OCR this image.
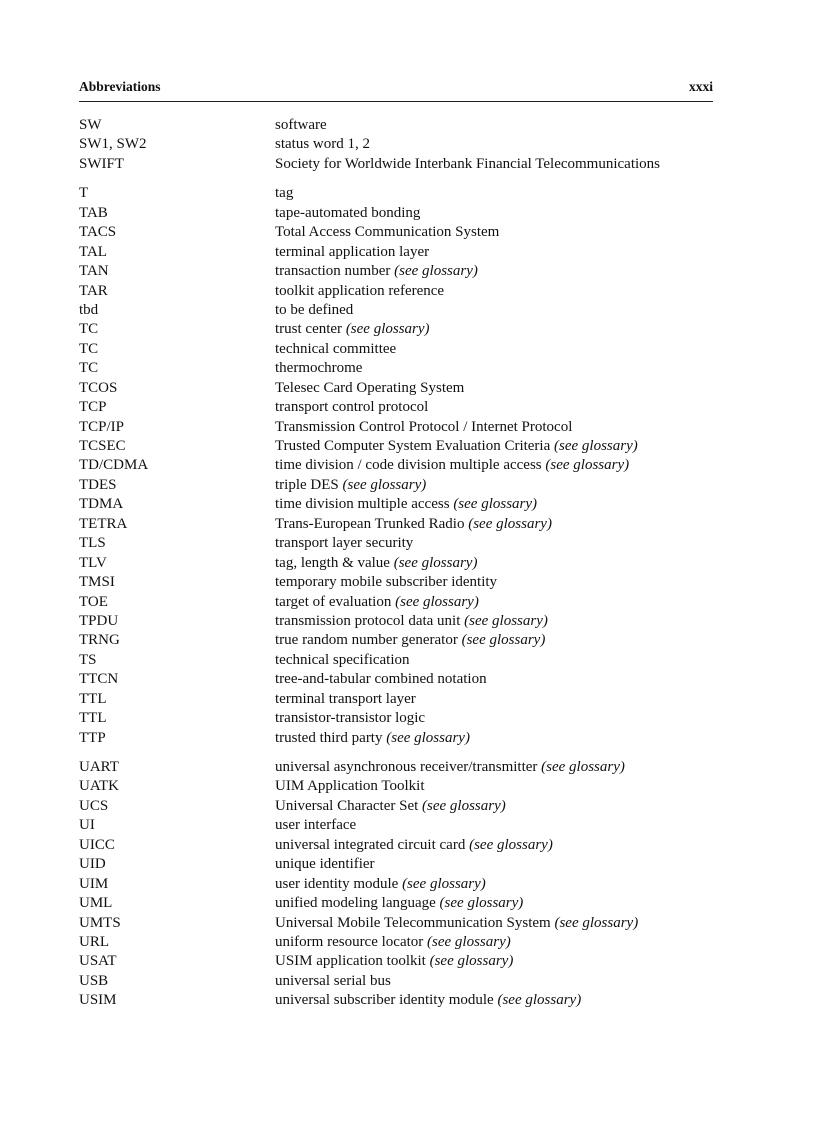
Abbreviations	xxxi
SW	software
SW1, SW2	status word 1, 2
SWIFT	Society for Worldwide Interbank Financial Telecommunications
T	tag
TAB	tape-automated bonding
TACS	Total Access Communication System
TAL	terminal application layer
TAN	transaction number (see glossary)
TAR	toolkit application reference
tbd	to be defined
TC	trust center (see glossary)
TC	technical committee
TC	thermochrome
TCOS	Telesec Card Operating System
TCP	transport control protocol
TCP/IP	Transmission Control Protocol / Internet Protocol
TCSEC	Trusted Computer System Evaluation Criteria (see glossary)
TD/CDMA	time division / code division multiple access (see glossary)
TDES	triple DES (see glossary)
TDMA	time division multiple access (see glossary)
TETRA	Trans-European Trunked Radio (see glossary)
TLS	transport layer security
TLV	tag, length & value (see glossary)
TMSI	temporary mobile subscriber identity
TOE	target of evaluation (see glossary)
TPDU	transmission protocol data unit (see glossary)
TRNG	true random number generator (see glossary)
TS	technical specification
TTCN	tree-and-tabular combined notation
TTL	terminal transport layer
TTL	transistor-transistor logic
TTP	trusted third party (see glossary)
UART	universal asynchronous receiver/transmitter (see glossary)
UATK	UIM Application Toolkit
UCS	Universal Character Set (see glossary)
UI	user interface
UICC	universal integrated circuit card (see glossary)
UID	unique identifier
UIM	user identity module (see glossary)
UML	unified modeling language (see glossary)
UMTS	Universal Mobile Telecommunication System (see glossary)
URL	uniform resource locator (see glossary)
USAT	USIM application toolkit (see glossary)
USB	universal serial bus
USIM	universal subscriber identity module (see glossary)
